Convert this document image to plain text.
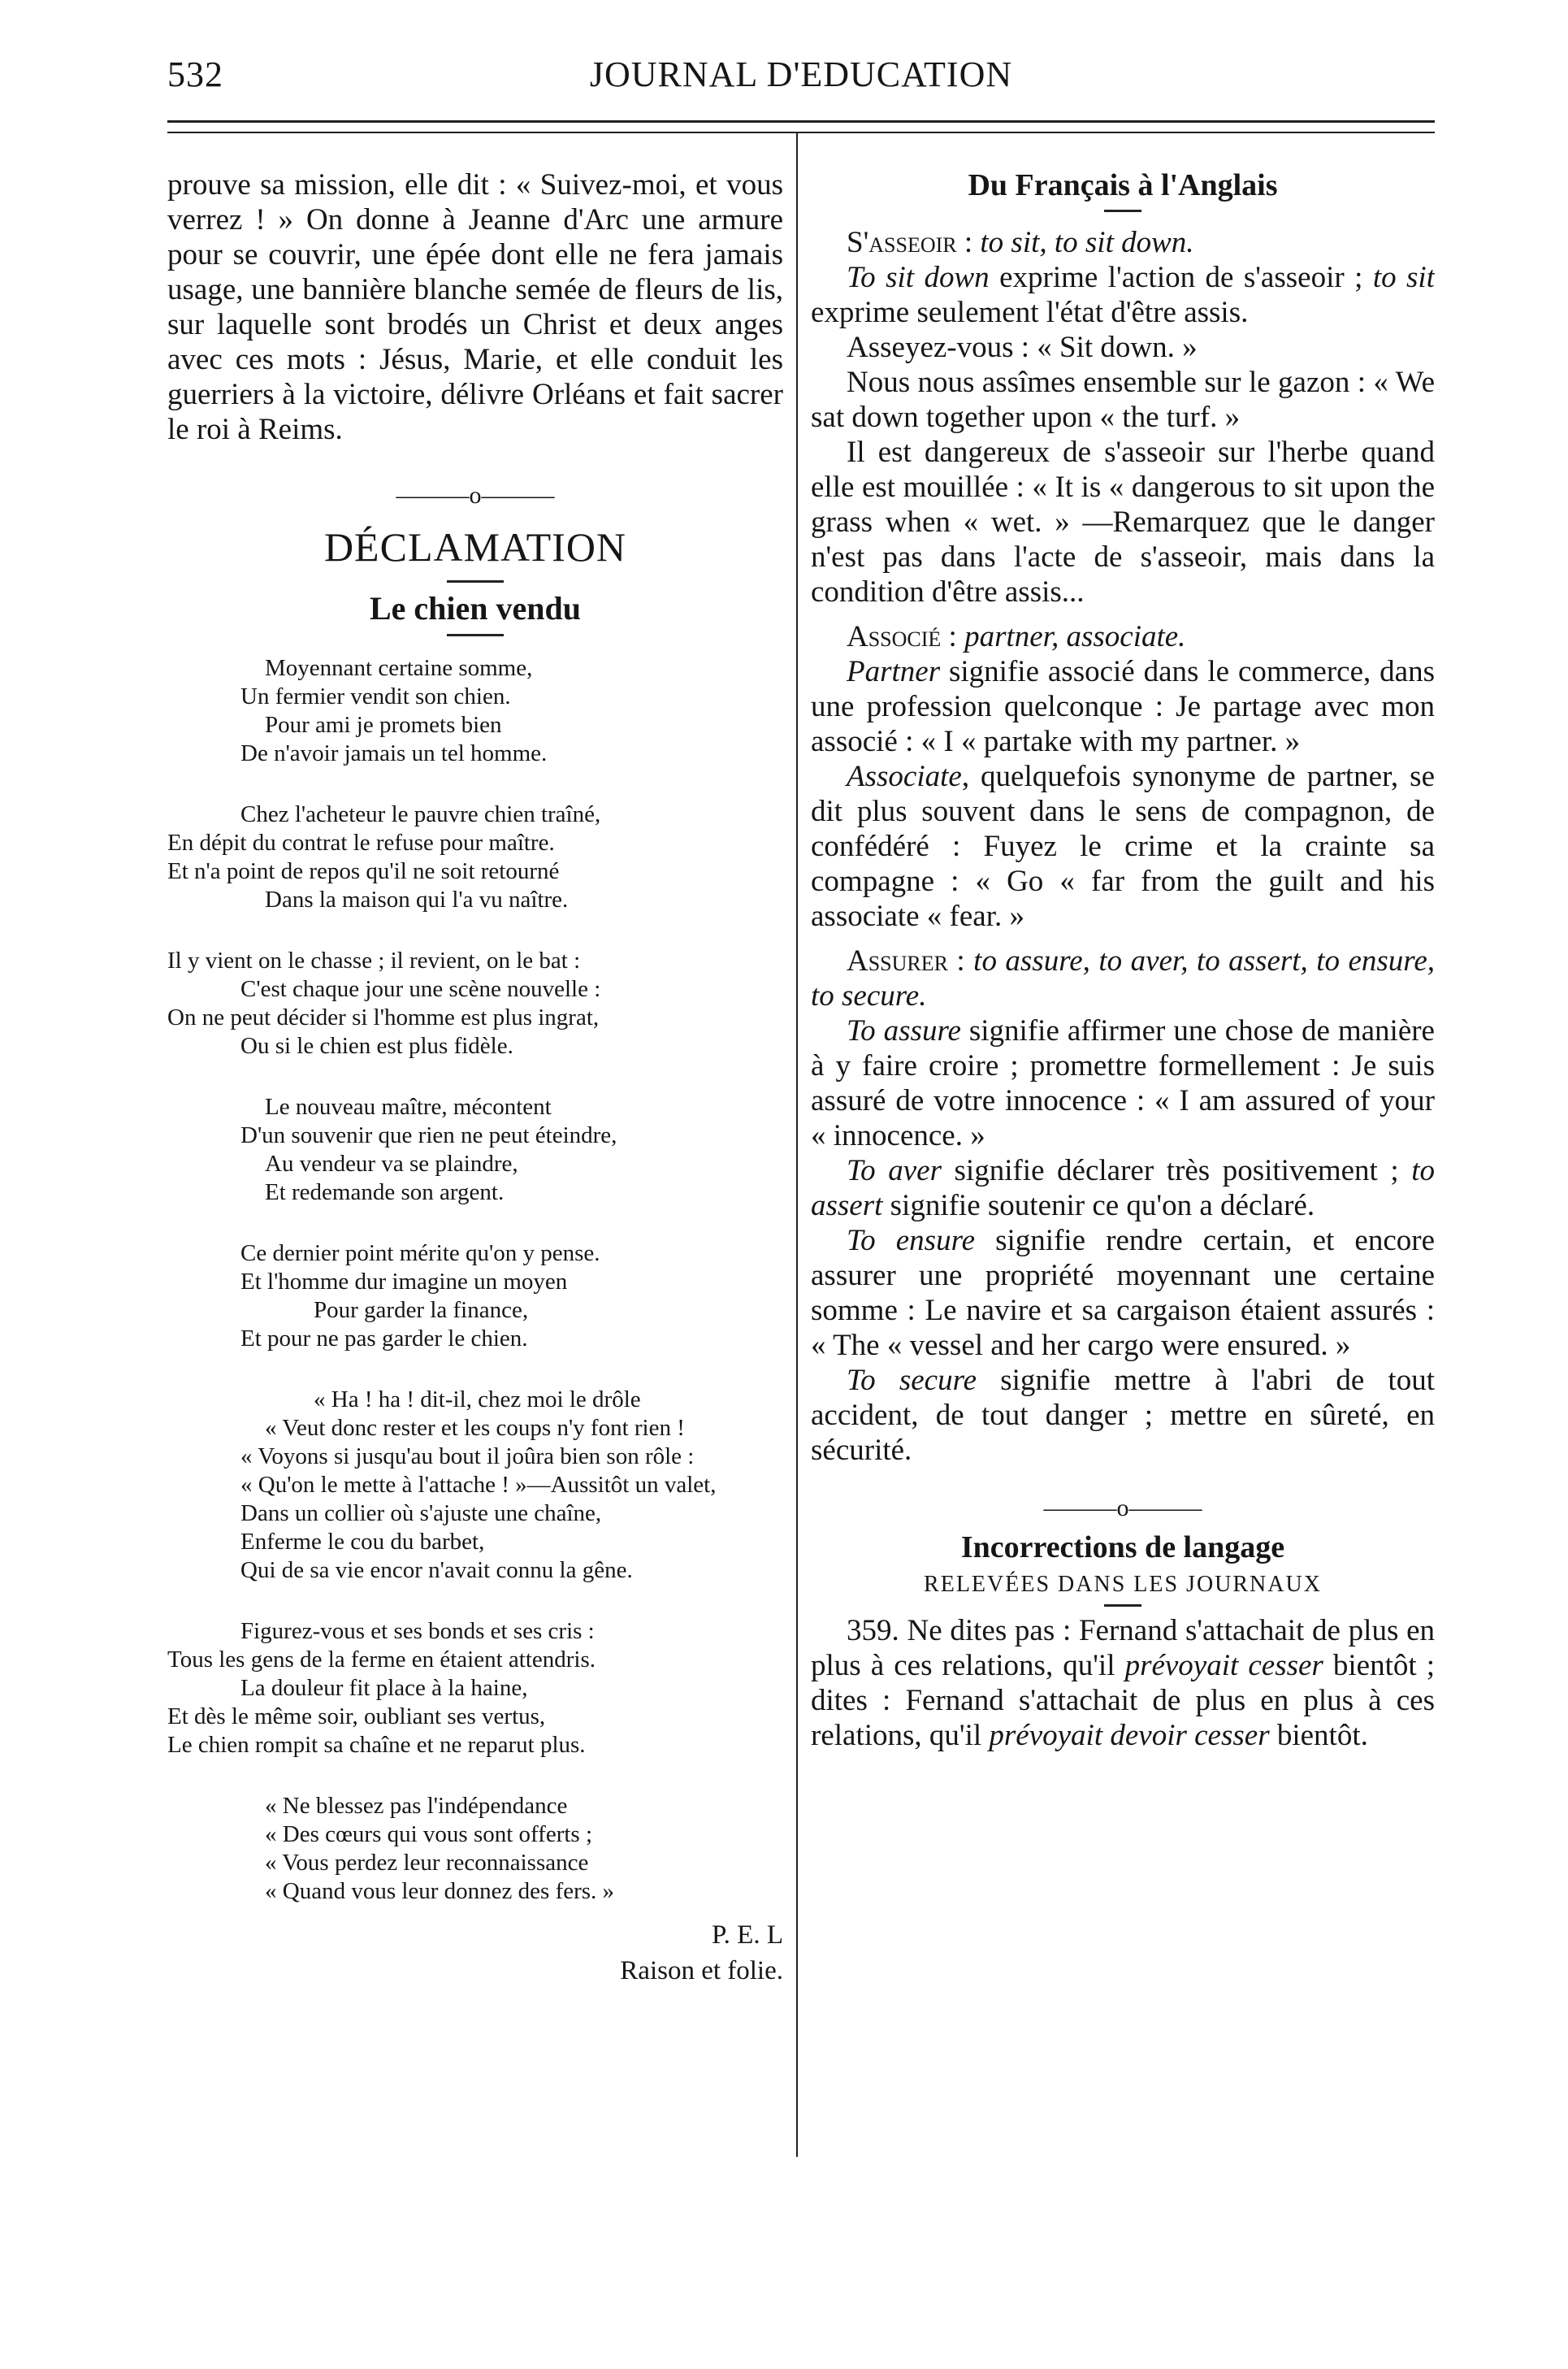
532	JOURNAL D'EDUCATION

prouve sa mission, elle dit : « Suivez-moi, et vous verrez ! » On donne à Jeanne d'Arc une armure pour se couvrir, une épée dont elle ne fera jamais usage, une bannière blanche semée de fleurs de lis, sur laquelle sont brodés un Christ et deux anges avec ces mots : Jésus, Marie, et elle conduit les guerriers à la victoire, délivre Orléans et fait sacrer le roi à Reims.

———o———
DÉCLAMATION
Le chien vendu
Moyennant certaine somme,
Un fermier vendit son chien.
Pour ami je promets bien
De n'avoir jamais un tel homme.
Chez l'acheteur le pauvre chien traîné,
En dépit du contrat le refuse pour maître.
Et n'a point de repos qu'il ne soit retourné
Dans la maison qui l'a vu naître.
Il y vient on le chasse ; il revient, on le bat :
C'est chaque jour une scène nouvelle :
On ne peut décider si l'homme est plus ingrat,
Ou si le chien est plus fidèle.
Le nouveau maître, mécontent
D'un souvenir que rien ne peut éteindre,
Au vendeur va se plaindre,
Et redemande son argent.
Ce dernier point mérite qu'on y pense.
Et l'homme dur imagine un moyen
Pour garder la finance,
Et pour ne pas garder le chien.
« Ha ! ha ! dit-il, chez moi le drôle
« Veut donc rester et les coups n'y font rien !
« Voyons si jusqu'au bout il joûra bien son rôle :
« Qu'on le mette à l'attache ! »—Aussitôt un valet,
Dans un collier où s'ajuste une chaîne,
Enferme le cou du barbet,
Qui de sa vie encor n'avait connu la gêne.
Figurez-vous et ses bonds et ses cris :
Tous les gens de la ferme en étaient attendris.
La douleur fit place à la haine,
Et dès le même soir, oubliant ses vertus,
Le chien rompit sa chaîne et ne reparut plus.
« Ne blessez pas l'indépendance
« Des cœurs qui vous sont offerts ;
« Vous perdez leur reconnaissance
« Quand vous leur donnez des fers. »
P. E. L
Raison et folie.
Du Français à l'Anglais

S'asseoir : to sit, to sit down.

To sit down exprime l'action de s'asseoir ; to sit exprime seulement l'état d'être assis.

Asseyez-vous : « Sit down. »

Nous nous assîmes ensemble sur le gazon : « We sat down together upon « the turf. »

Il est dangereux de s'asseoir sur l'herbe quand elle est mouillée : « It is « dangerous to sit upon the grass when « wet. » —Remarquez que le danger n'est pas dans l'acte de s'asseoir, mais dans la condition d'être assis...

Associé : partner, associate.

Partner signifie associé dans le commerce, dans une profession quelconque : Je partage avec mon associé : « I « partake with my partner. »

Associate, quelquefois synonyme de partner, se dit plus souvent dans le sens de compagnon, de confédéré : Fuyez le crime et la crainte sa compagne : « Go « far from the guilt and his associate « fear. »

Assurer : to assure, to aver, to assert, to ensure, to secure.

To assure signifie affirmer une chose de manière à y faire croire ; promettre formellement : Je suis assuré de votre innocence : « I am assured of your « innocence. »

To aver signifie déclarer très positivement ; to assert signifie soutenir ce qu'on a déclaré.

To ensure signifie rendre certain, et encore assurer une propriété moyennant une certaine somme : Le navire et sa cargaison étaient assurés : « The « vessel and her cargo were ensured. »

To secure signifie mettre à l'abri de tout accident, de tout danger ; mettre en sûreté, en sécurité.

———o———
Incorrections de langage
RELEVÉES DANS LES JOURNAUX

359. Ne dites pas : Fernand s'attachait de plus en plus à ces relations, qu'il prévoyait cesser bientôt ; dites : Fernand s'attachait de plus en plus à ces relations, qu'il prévoyait devoir cesser bientôt.
